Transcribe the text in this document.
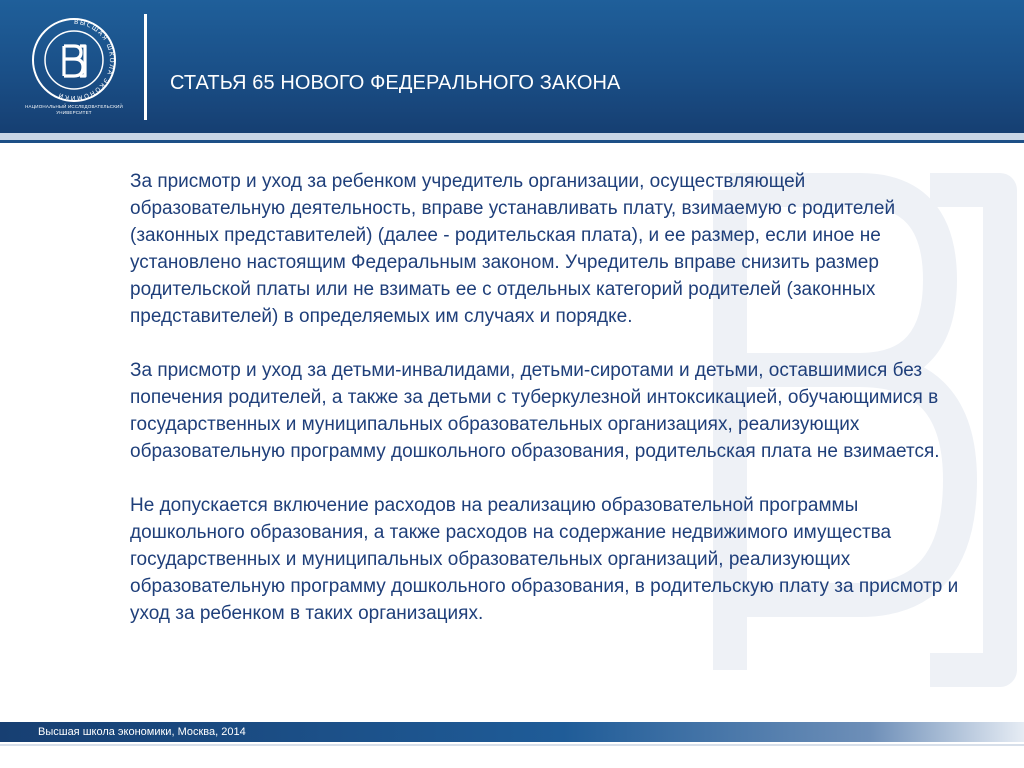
ВЫСШАЯ ШКОЛА ЭКОНОМИКИ
НАЦИОНАЛЬНЫЙ ИССЛЕДОВАТЕЛЬСКИЙ УНИВЕРСИТЕТ
СТАТЬЯ 65 НОВОГО ФЕДЕРАЛЬНОГО ЗАКОНА

За присмотр и уход за ребенком учредитель организации, осуществляющей образовательную деятельность, вправе устанавливать плату, взимаемую с родителей (законных представителей) (далее - родительская плата), и ее размер, если иное не установлено настоящим Федеральным законом. Учредитель вправе снизить размер родительской платы или не взимать ее с отдельных категорий родителей (законных представителей) в определяемых им случаях и порядке.

За присмотр и уход за детьми-инвалидами, детьми-сиротами и детьми, оставшимися без попечения родителей, а также за детьми с туберкулезной интоксикацией, обучающимися в государственных и муниципальных образовательных организациях, реализующих образовательную программу дошкольного образования, родительская плата не взимается.

Не допускается включение расходов на реализацию образовательной программы дошкольного образования, а также расходов на содержание недвижимого имущества государственных и муниципальных образовательных организаций, реализующих образовательную программу дошкольного образования, в родительскую плату за присмотр и уход за ребенком в таких организациях.

Высшая школа экономики, Москва, 2014
